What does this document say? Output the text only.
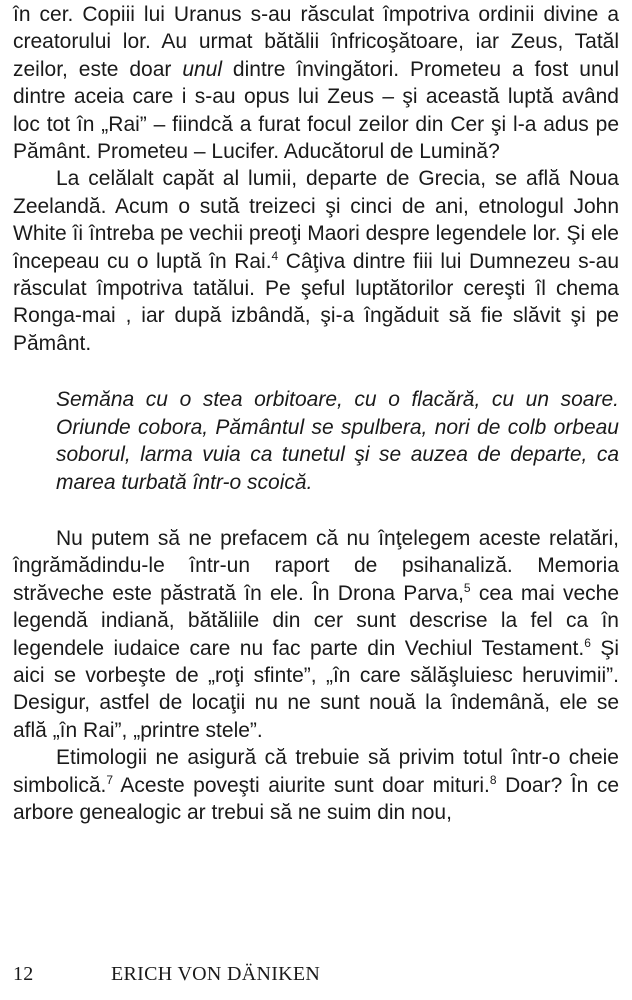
în cer. Copiii lui Uranus s-au răsculat împotriva ordinii divine a creatorului lor. Au urmat bătălii înfricoşătoare, iar Zeus, Tatăl zeilor, este doar unul dintre învingători. Prometeu a fost unul dintre aceia care i s-au opus lui Zeus – şi această luptă având loc tot în „Rai” – fiindcă a furat focul zeilor din Cer şi l-a adus pe Pământ. Prometeu – Lucifer. Aducătorul de Lumină?

La celălalt capăt al lumii, departe de Grecia, se află Noua Zeelandă. Acum o sută treizeci şi cinci de ani, etnologul John White îi întreba pe vechii preoţi Maori despre legendele lor. Şi ele începeau cu o luptă în Rai.$^4$ Câţiva dintre fiii lui Dumnezeu s-au răsculat împotriva tatălui. Pe şeful luptătorilor cereşti îl chema Ronga-mai , iar după izbândă, şi-a îngăduit să fie slăvit şi pe Pământ.

Semăna cu o stea orbitoare, cu o flacără, cu un soare. Oriunde cobora, Pământul se spulbera, nori de colb orbeau soborul, larma vuia ca tunetul şi se auzea de departe, ca marea turbată într-o scoică.

Nu putem să ne prefacem că nu înţelegem aceste relatări, îngrămădindu-le într-un raport de psihanaliză. Memoria străveche este păstrată în ele. În Drona Parva,$^5$ cea mai veche legendă indiană, bătăliile din cer sunt descrise la fel ca în legendele iudaice care nu fac parte din Vechiul Testament.$^6$ Şi aici se vorbeşte de „roţi sfinte”, „în care sălăşluiesc heruvimii”. Desigur, astfel de locaţii nu ne sunt nouă la îndemână, ele se află „în Rai”, „printre stele”.

Etimologii ne asigură că trebuie să privim totul într-o cheie simbolică.$^7$ Aceste poveşti aiurite sunt doar mituri.$^8$ Doar? În ce arbore genealogic ar trebui să ne suim din nou,

12	ERICH VON DÄNIKEN
